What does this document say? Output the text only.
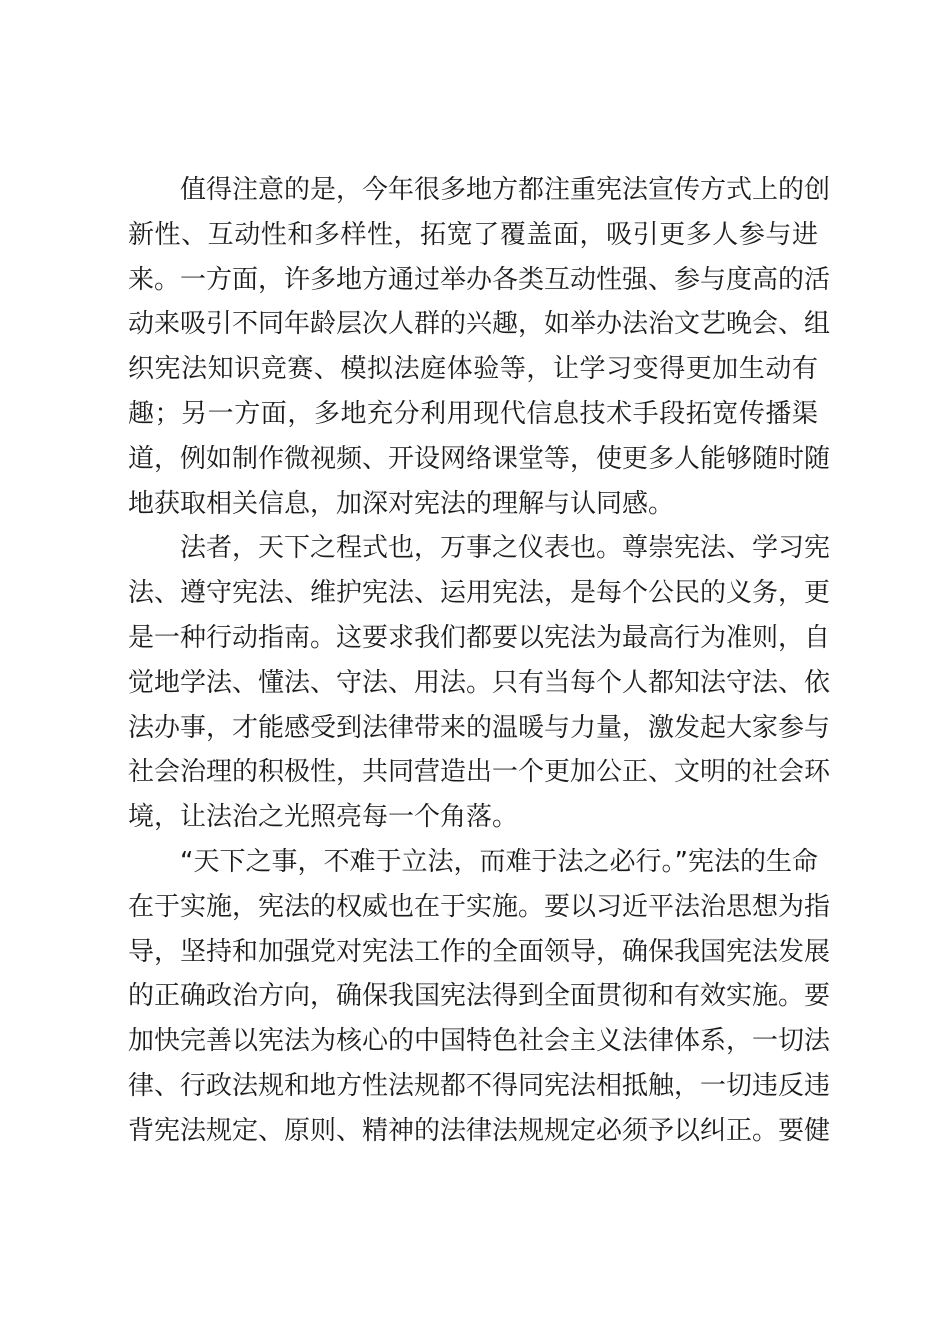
值得注意的是，今年很多地方都注重宪法宣传方式上的创
新性、互动性和多样性，拓宽了覆盖面，吸引更多人参与进
来。一方面，许多地方通过举办各类互动性强、参与度高的活
动来吸引不同年龄层次人群的兴趣，如举办法治文艺晚会、组
织宪法知识竞赛、模拟法庭体验等，让学习变得更加生动有
趣；另一方面，多地充分利用现代信息技术手段拓宽传播渠
道，例如制作微视频、开设网络课堂等，使更多人能够随时随
地获取相关信息，加深对宪法的理解与认同感。
法者，天下之程式也，万事之仪表也。尊崇宪法、学习宪
法、遵守宪法、维护宪法、运用宪法，是每个公民的义务，更
是一种行动指南。这要求我们都要以宪法为最高行为准则，自
觉地学法、懂法、守法、用法。只有当每个人都知法守法、依
法办事，才能感受到法律带来的温暖与力量，激发起大家参与
社会治理的积极性，共同营造出一个更加公正、文明的社会环
境，让法治之光照亮每一个角落。
“天下之事，不难于立法，而难于法之必行。”宪法的生命
在于实施，宪法的权威也在于实施。要以习近平法治思想为指
导，坚持和加强党对宪法工作的全面领导，确保我国宪法发展
的正确政治方向，确保我国宪法得到全面贯彻和有效实施。要
加快完善以宪法为核心的中国特色社会主义法律体系，一切法
律、行政法规和地方性法规都不得同宪法相抵触，一切违反违
背宪法规定、原则、精神的法律法规规定必须予以纠正。要健
